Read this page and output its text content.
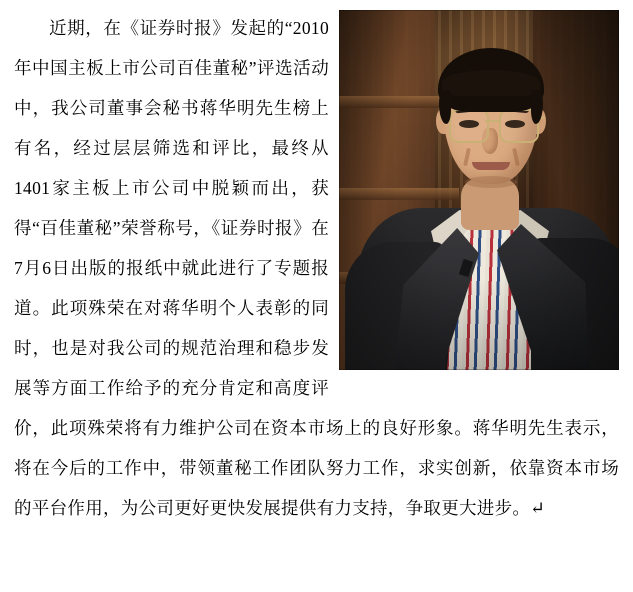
近期，在《证券时报》发起的“2010年中国主板上市公司百佳董秘”评选活动中，我公司董事会秘书蒋华明先生榜上有名，经过层层筛选和评比，最终从 1401家主板上市公司中脱颖而出，获得“百佳董秘”荣誉称号，《证券时报》在7月6日出版的报纸中就此进行了专题报道。此项殊荣在对蒋华明个人表彰的同时，也是对我公司的规范治理和稳步发展等方面工作给予的充分肯定和高度评价，此项殊荣将有力维护公司在资本市场上的良好形象。蒋华明先生表示，将在今后的工作中，带领董秘工作团队努力工作，求实创新，依靠资本市场的平台作用，为公司更好更快发展提供有力支持，争取更大进步。↵
